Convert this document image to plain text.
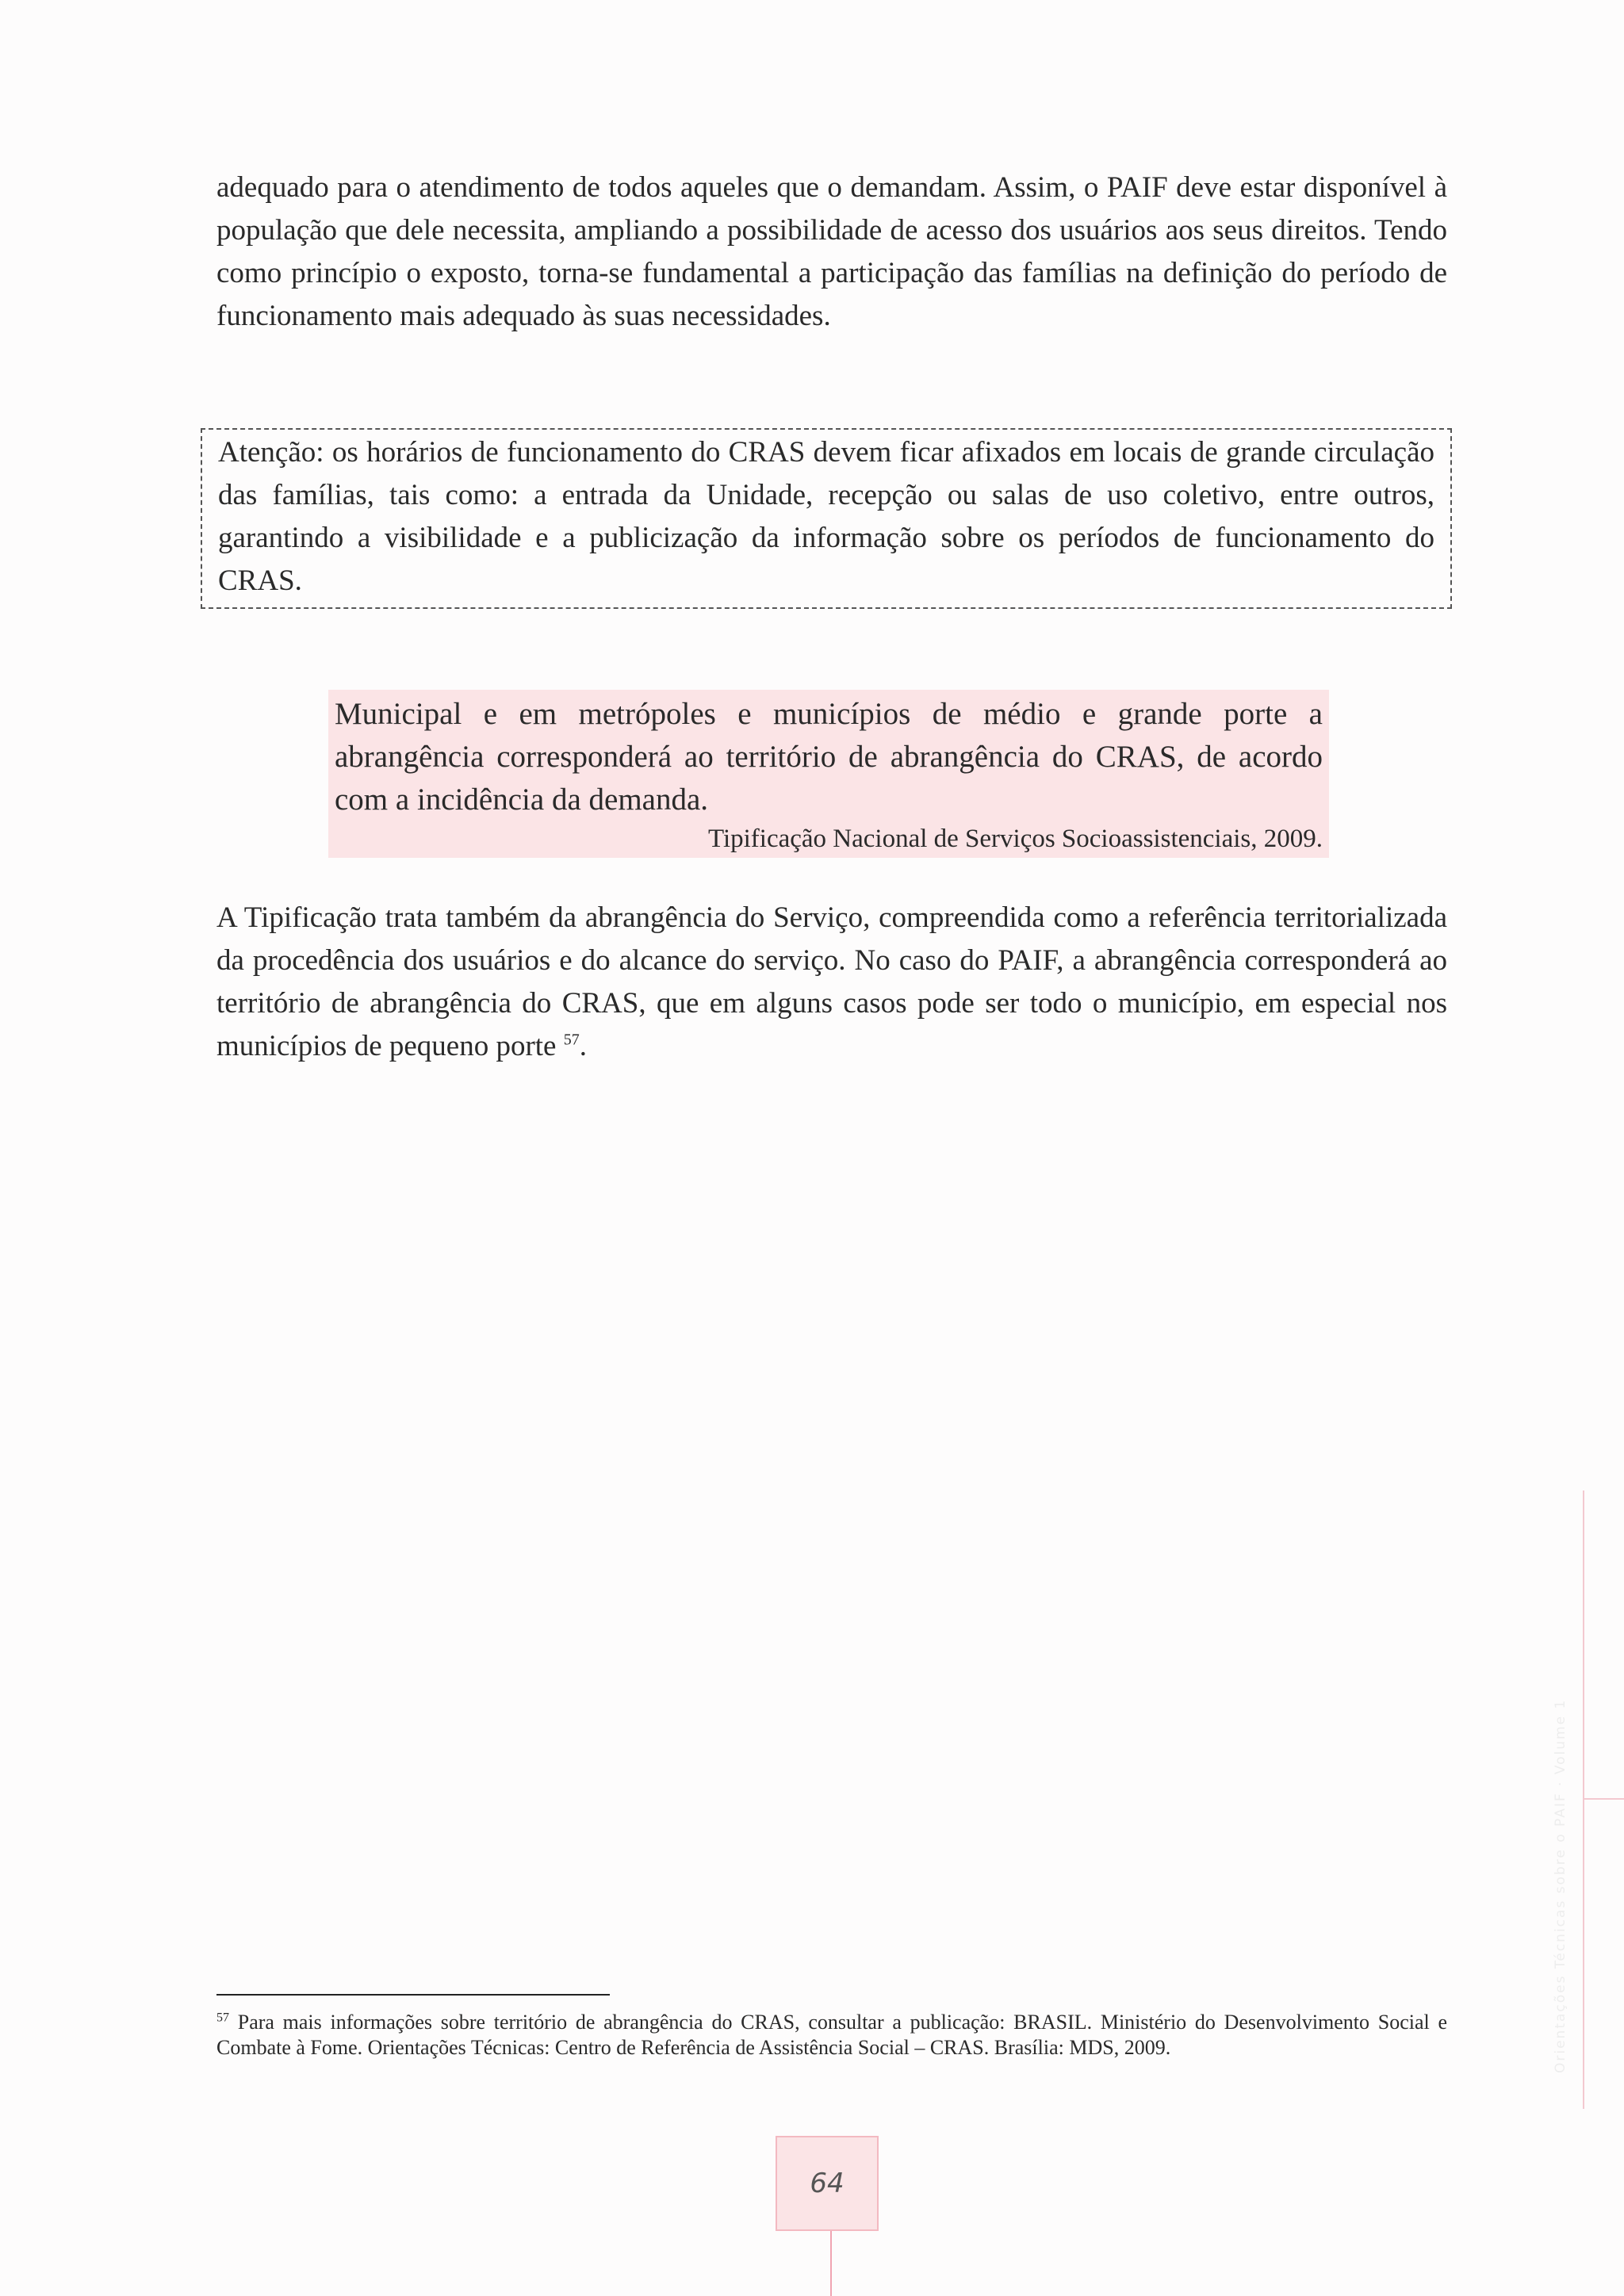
adequado para o atendimento de todos aqueles que o demandam. Assim, o PAIF deve estar disponível à população que dele necessita, ampliando a possibilidade de acesso dos usuários aos seus direitos. Tendo como princípio o exposto, torna-se fundamental a participação das famílias na definição do período de funcionamento mais adequado às suas necessidades.

Atenção: os horários de funcionamento do CRAS devem ficar afixados em locais de grande circulação das famílias, tais como: a entrada da Unidade, recepção ou salas de uso coletivo, entre outros, garantindo a visibilidade e a publicização da informação sobre os períodos de funcionamento do CRAS.

Municipal e em metrópoles e municípios de médio e grande porte a abrangência corresponderá ao território de abrangência do CRAS, de acordo com a incidência da demanda.

Tipificação Nacional de Serviços Socioassistenciais, 2009.

A Tipificação trata também da abrangência do Serviço, compreendida como a referência territorializada da procedência dos usuários e do alcance do serviço. No caso do PAIF, a abrangência corresponderá ao território de abrangência do CRAS, que em alguns casos pode ser todo o município, em especial nos municípios de pequeno porte $^{57}$.

$^{57}$ Para mais informações sobre território de abrangência do CRAS, consultar a publicação: BRASIL. Ministério do Desenvolvimento Social e Combate à Fome. Orientações Técnicas: Centro de Referência de Assistência Social – CRAS. Brasília: MDS, 2009.	Orientações Técnicas sobre o PAIF · Volume 1
64
